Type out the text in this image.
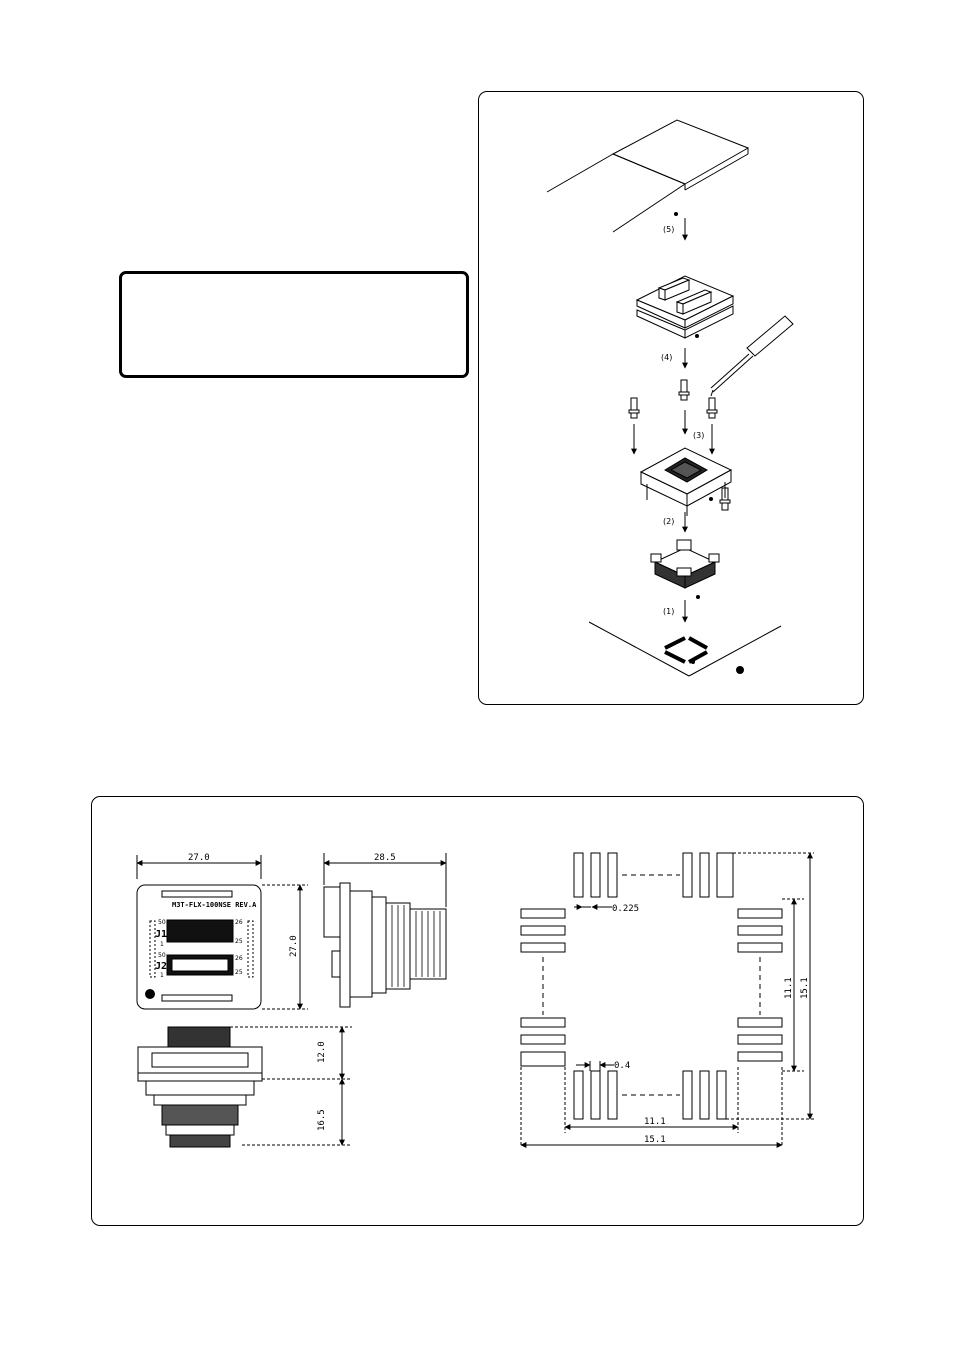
(5)
(4)
(3)
(2)
(1)
M3T-FLX-100NSE REV.A
J1
J2
50
1
50
1
26
25
26
25
27.0
27.0
28.5
12.0
16.5
0.225
0.4
11.1
15.1
11.1 15.1
